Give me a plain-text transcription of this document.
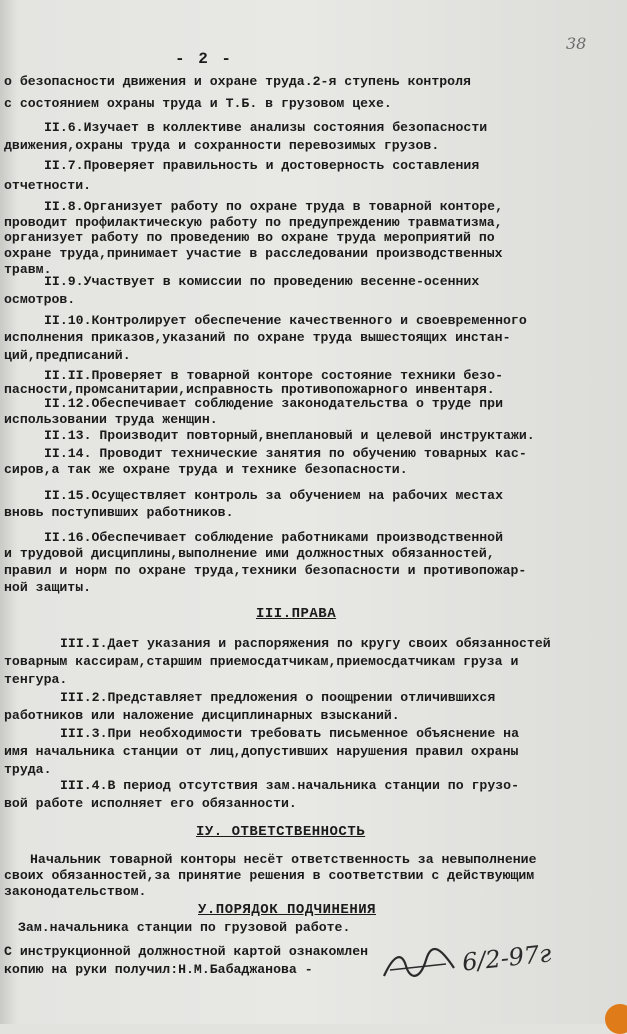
- 2 -
38
о безопасности движения и охране труда.2-я ступень контроля
с состоянием охраны труда и Т.Б. в грузовом цехе.
II.6.Изучает в коллективе анализы состояния безопасности
движения,охраны труда и сохранности перевозимых грузов.
II.7.Проверяет правильность и достоверность составления
отчетности.
II.8.Организует работу по охране труда в товарной конторе,
проводит профилактическую работу по предупреждению травматизма,
организует работу по проведению во охране труда мероприятий по
охране труда,принимает участие в расследовании производственных
травм.
II.9.Участвует в комиссии по проведению весенне-осенних
осмотров.
II.10.Контролирует обеспечение качественного и своевременного
исполнения приказов,указаний по охране труда вышестоящих инстан-
ций,предписаний.
II.II.Проверяет в товарной конторе состояние техники безо-
пасности,промсанитарии,исправность противопожарного инвентаря.
II.12.Обеспечивает соблюдение законодательства о труде при
использовании труда женщин.
II.13. Производит повторный,внеплановый и целевой инструктажи.
II.14. Проводит технические занятия по обучению товарных кас-
сиров,а так же охране труда и технике безопасности.
II.15.Осуществляет контроль за обучением на рабочих местах
вновь поступивших работников.
II.16.Обеспечивает соблюдение работниками производственной
и трудовой дисциплины,выполнение ими должностных обязанностей,
правил и норм по охране труда,техники безопасности и противопожар-
ной защиты.
III.ПРАВА
III.I.Дает указания и распоряжения по кругу своих обязанностей
товарным кассирам,старшим приемосдатчикам,приемосдатчикам груза и
тенгура.
III.2.Представляет предложения о поощрении отличившихся
работников или наложение дисциплинарных взысканий.
III.3.При необходимости требовать письменное объяснение на
имя начальника станции от лиц,допустивших нарушения правил охраны
труда.
III.4.В период отсутствия зам.начальника станции по грузо-
вой работе исполняет его обязанности.
IУ. ОТВЕТСТВЕННОСТЬ
Начальник товарной конторы несёт ответственность за невыполнение
своих обязанностей,за принятие решения в соответствии с действующим
законодательством.
У.ПОРЯДОК ПОДЧИНЕНИЯ
Зам.начальника станции по грузовой работе.
С инструкционной должностной картой ознакомлен
копию на руки получил:Н.М.Бабаджанова -	6/2-97г
